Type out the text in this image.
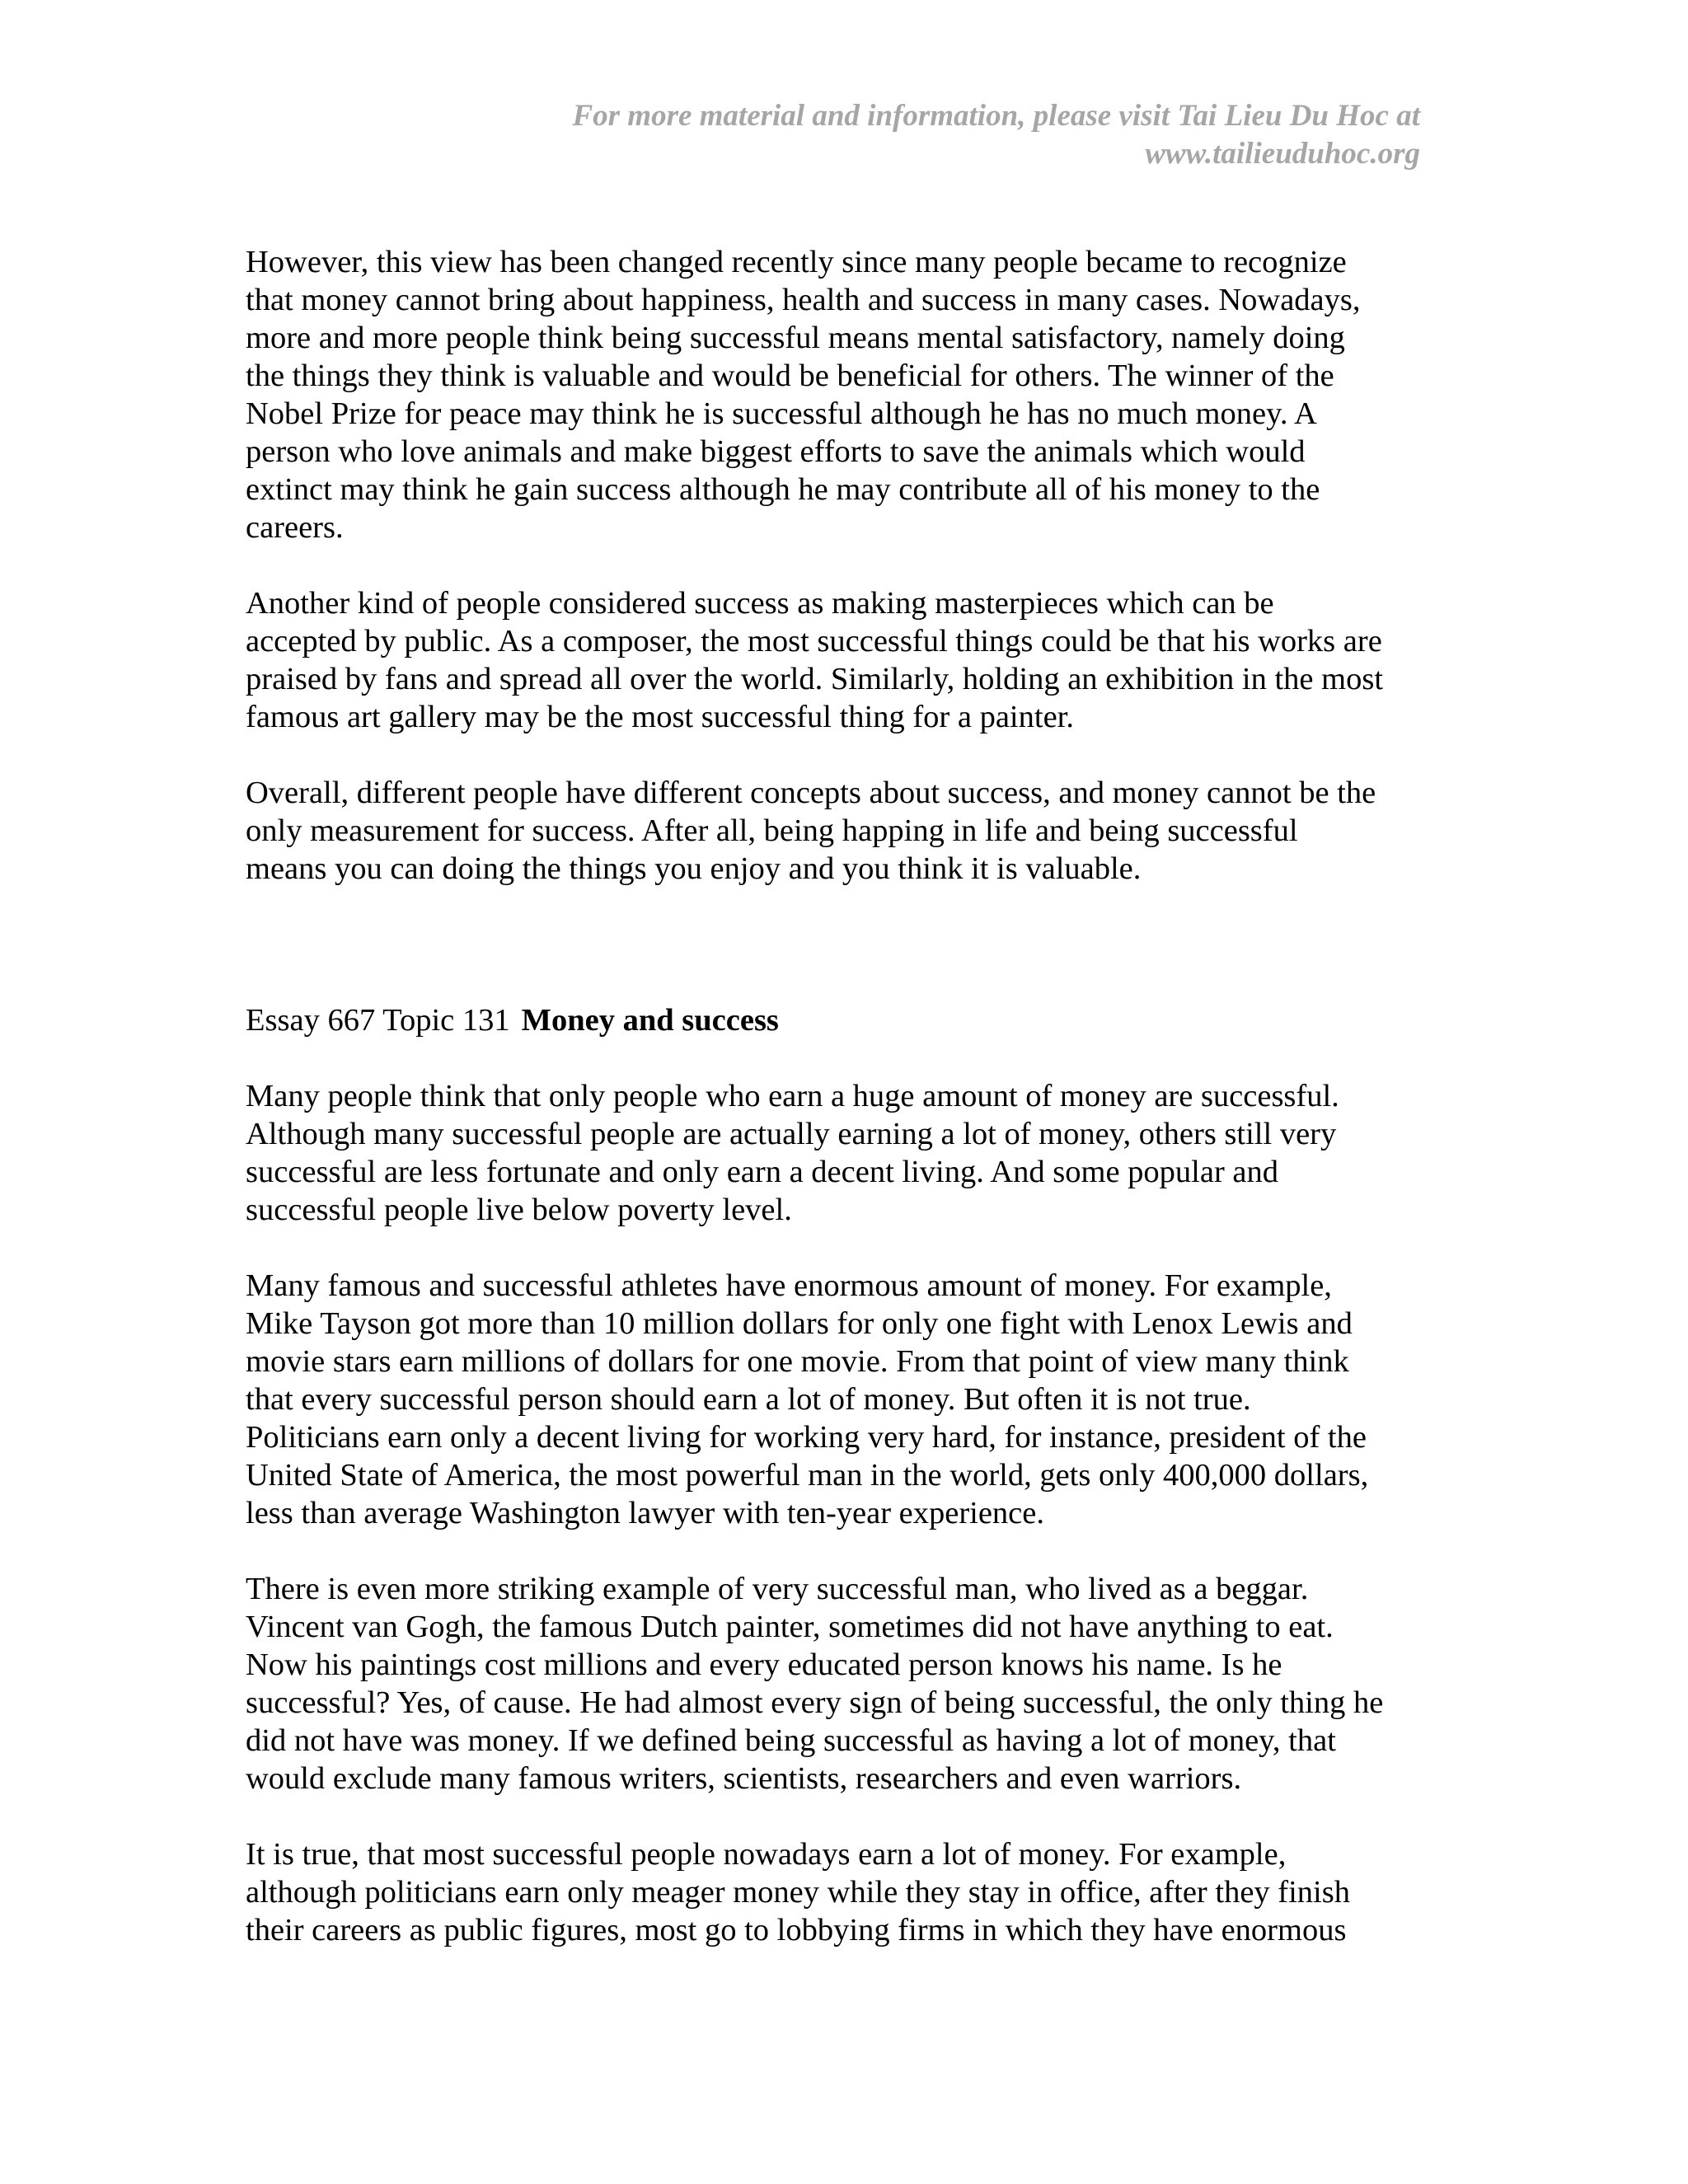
For more material and information, please visit Tai Lieu Du Hoc at
www.tailieuduhoc.org
However, this view has been changed recently since many people became to recognize
that money cannot bring about happiness, health and success in many cases. Nowadays,
more and more people think being successful means mental satisfactory, namely doing
the things they think is valuable and would be beneficial for others. The winner of the
Nobel Prize for peace may think he is successful although he has no much money. A
person who love animals and make biggest efforts to save the animals which would
extinct may think he gain success although he may contribute all of his money to the
careers.
Another kind of people considered success as making masterpieces which can be
accepted by public. As a composer, the most successful things could be that his works are
praised by fans and spread all over the world. Similarly, holding an exhibition in the most
famous art gallery may be the most successful thing for a painter.
Overall, different people have different concepts about success, and money cannot be the
only measurement for success. After all, being happing in life and being successful
means you can doing the things you enjoy and you think it is valuable.
Essay 667 Topic 131 Money and success
Many people think that only people who earn a huge amount of money are successful.
Although many successful people are actually earning a lot of money, others still very
successful are less fortunate and only earn a decent living. And some popular and
successful people live below poverty level.
Many famous and successful athletes have enormous amount of money. For example,
Mike Tayson got more than 10 million dollars for only one fight with Lenox Lewis and
movie stars earn millions of dollars for one movie. From that point of view many think
that every successful person should earn a lot of money. But often it is not true.
Politicians earn only a decent living for working very hard, for instance, president of the
United State of America, the most powerful man in the world, gets only 400,000 dollars,
less than average Washington lawyer with ten-year experience.
There is even more striking example of very successful man, who lived as a beggar.
Vincent van Gogh, the famous Dutch painter, sometimes did not have anything to eat.
Now his paintings cost millions and every educated person knows his name. Is he
successful? Yes, of cause. He had almost every sign of being successful, the only thing he
did not have was money. If we defined being successful as having a lot of money, that
would exclude many famous writers, scientists, researchers and even warriors.
It is true, that most successful people nowadays earn a lot of money. For example,
although politicians earn only meager money while they stay in office, after they finish
their careers as public figures, most go to lobbying firms in which they have enormous
